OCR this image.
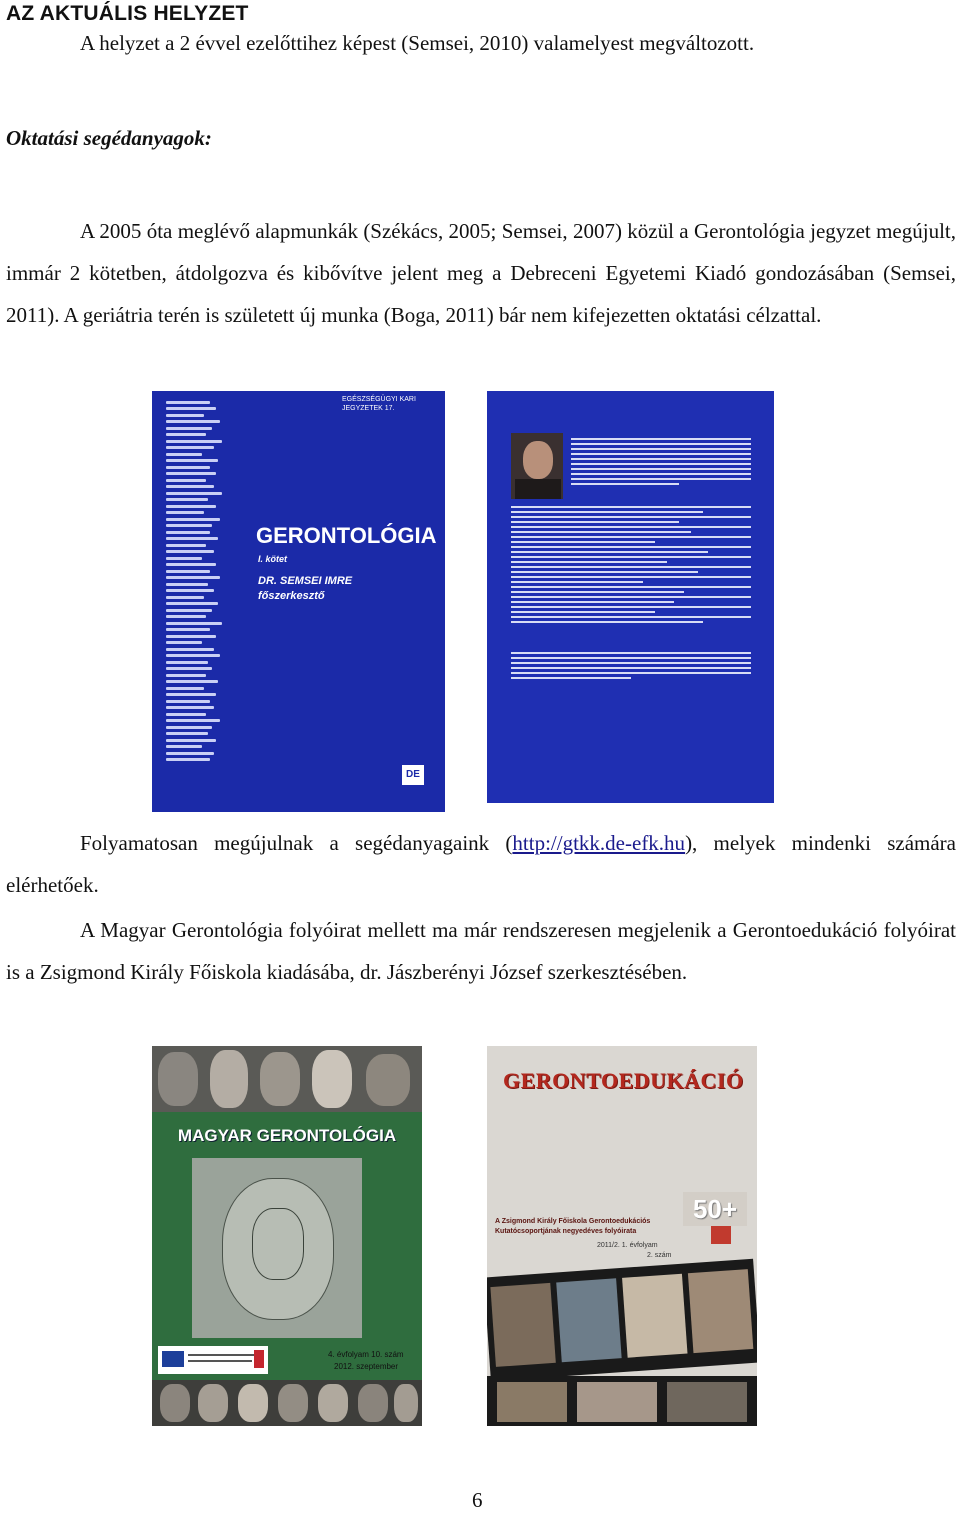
AZ AKTUÁLIS HELYZET
A helyzet a 2 évvel ezelőttihez képest (Semsei, 2010) valamelyest megváltozott.
Oktatási segédanyagok:
A 2005 óta meglévő alapmunkák (Székács, 2005; Semsei, 2007) közül a Gerontológia jegyzet megújult, immár 2 kötetben, átdolgozva és kibővítve jelent meg a Debreceni Egyetemi Kiadó gondozásában (Semsei, 2011). A geriátria terén is született új munka (Boga, 2011) bár nem kifejezetten oktatási célzattal.
EGÉSZSÉGÜGYI KARI JEGYZETEK 17.
GERONTOLÓGIA
I. kötet
DR. SEMSEI IMRE
főszerkesztő
DE
Folyamatosan megújulnak a segédanyagaink (http://gtkk.de-efk.hu), melyek mindenki számára elérhetőek.
A Magyar Gerontológia folyóirat mellett ma már rendszeresen megjelenik a Gerontoedukáció folyóirat is a Zsigmond Király Főiskola kiadásába, dr. Jászberényi József szerkesztésében.
MAGYAR GERONTOLÓGIA
4. évfolyam 10. szám
2012. szeptember
GERONTOEDUKÁCIÓ
50+
A Zsigmond Király Főiskola Gerontoedukációs
Kutatócsoportjának negyedéves folyóirata
2011/2. 1. évfolyam
2. szám
6
